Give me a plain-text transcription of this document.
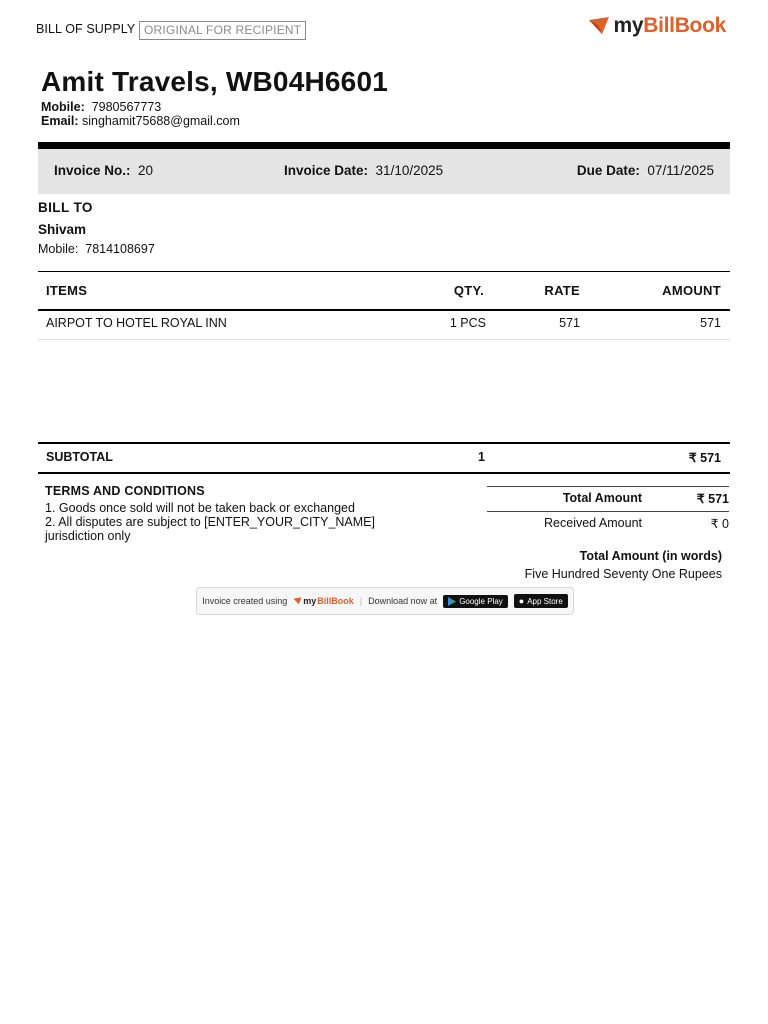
BILL OF SUPPLY ORIGINAL FOR RECIPIENT	myBillBook
Amit Travels, WB04H6601
Mobile: 7980567773
Email: singhamit75688@gmail.com
Invoice No.: 20	Invoice Date: 31/10/2025	Due Date: 07/11/2025
BILL TO
Shivam
Mobile: 7814108697
ITEMS	QTY.	RATE	AMOUNT
AIRPOT TO HOTEL ROYAL INN	1 PCS	571	571
SUBTOTAL	1	₹ 571
TERMS AND CONDITIONS
1. Goods once sold will not be taken back or exchanged
2. All disputes are subject to [ENTER_YOUR_CITY_NAME] jurisdiction only
Total Amount	₹ 571
Received Amount	₹ 0
Total Amount (in words)
Five Hundred Seventy One Rupees
Invoice created using my BillBook | Download now at	Google Play ● App Store
